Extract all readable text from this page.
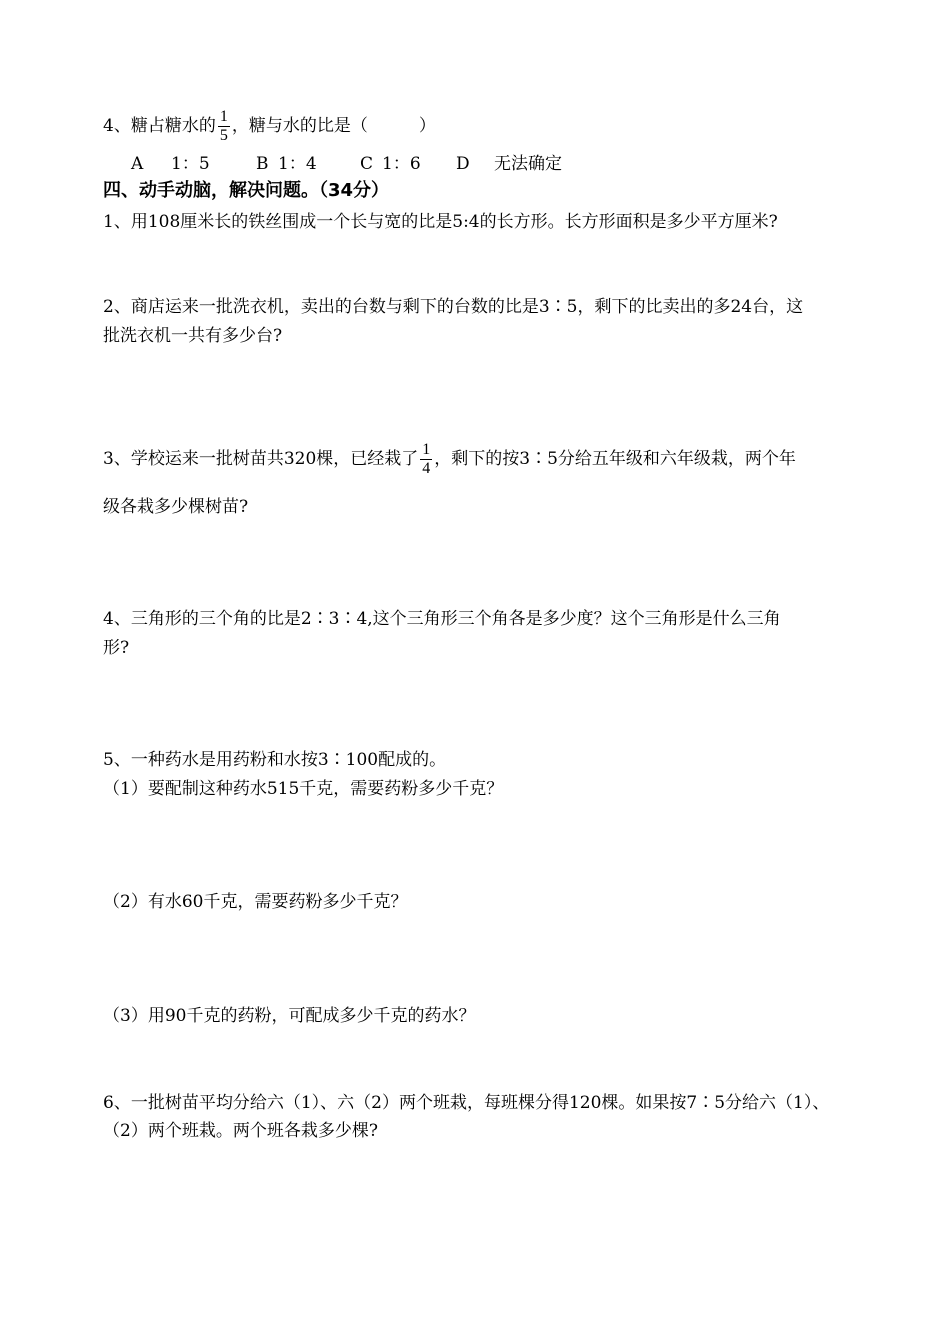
4、糖占糖水的 $\frac{1}{5}$ ，糖与水的比是（　　　）
A 1：5	B 1：4	C 1：6 D 无法确定
四、动手动脑，解决问题。（34分）
1、用108厘米长的铁丝围成一个长与宽的比是5:4的长方形。长方形面积是多少平方厘米?
2、商店运来一批洗衣机，卖出的台数与剩下的台数的比是3∶5，剩下的比卖出的多24台，这
批洗衣机一共有多少台?
3、学校运来一批树苗共320棵，已经栽了 $\frac{1}{4}$ ，剩下的按3∶5分给五年级和六年级栽，两个年
级各栽多少棵树苗?
4、三角形的三个角的比是2∶3∶4,这个三角形三个角各是多少度？这个三角形是什么三角
形?
5、一种药水是用药粉和水按3∶100配成的。
（1）要配制这种药水515千克，需要药粉多少千克？
（2）有水60千克，需要药粉多少千克？
（3）用90千克的药粉，可配成多少千克的药水？
6、一批树苗平均分给六（1）、六（2）两个班栽，每班棵分得120棵。如果按7∶5分给六（1）、
（2）两个班栽。两个班各栽多少棵?
